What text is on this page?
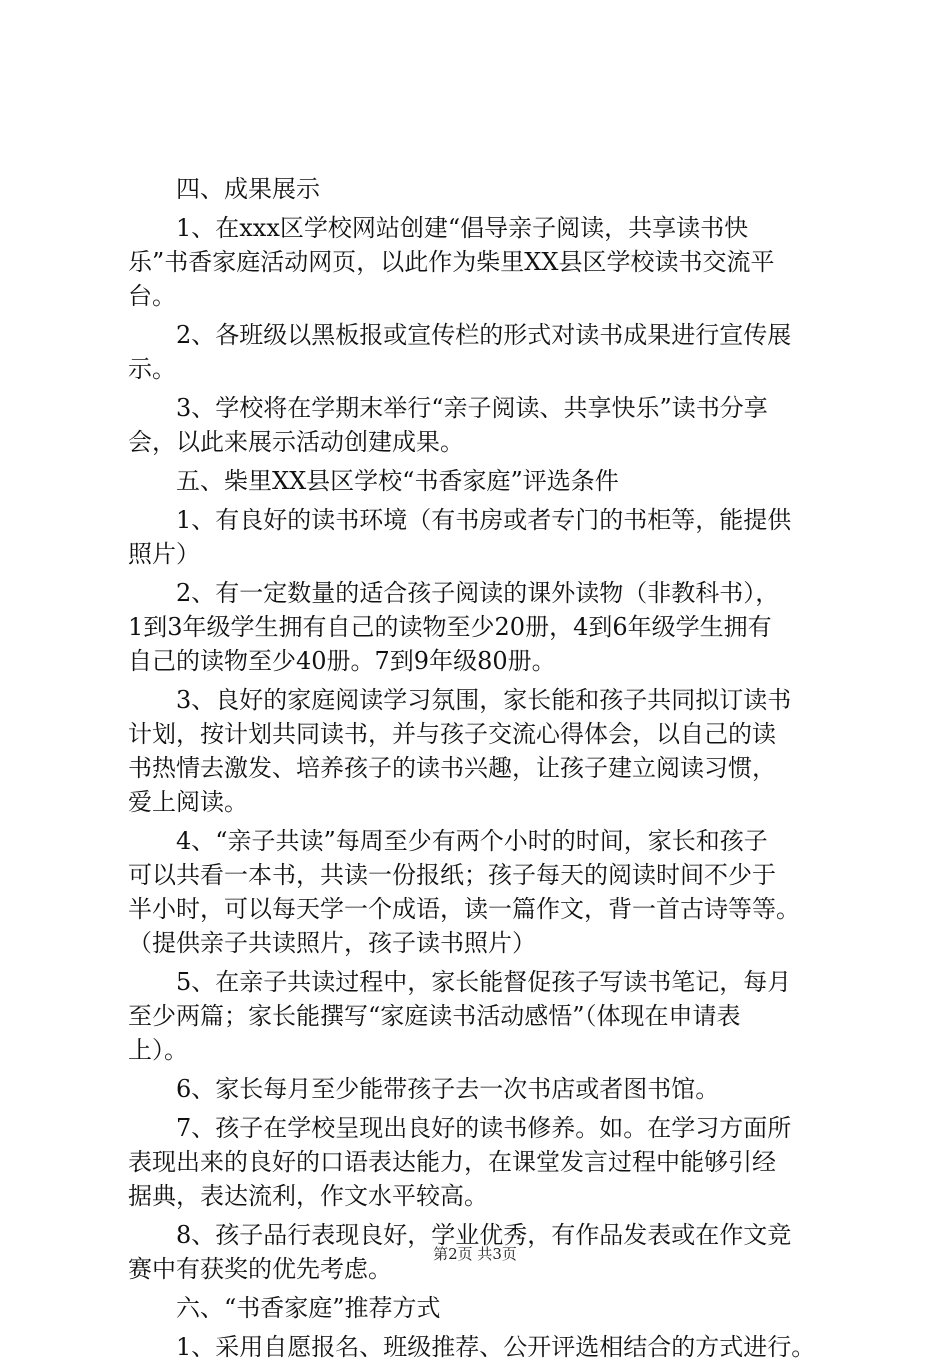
四、成果展示
1、在xxx区学校网站创建“倡导亲子阅读，共享读书快
乐”书香家庭活动网页，以此作为柴里XX县区学校读书交流平
台。
2、各班级以黑板报或宣传栏的形式对读书成果进行宣传展
示。
3、学校将在学期末举行“亲子阅读、共享快乐”读书分享
会，以此来展示活动创建成果。
五、柴里XX县区学校“书香家庭”评选条件
1、有良好的读书环境（有书房或者专门的书柜等，能提供
照片）
2、有一定数量的适合孩子阅读的课外读物（非教科书），
1到3年级学生拥有自己的读物至少20册，4到6年级学生拥有
自己的读物至少40册。7到9年级80册。
3、良好的家庭阅读学习氛围，家长能和孩子共同拟订读书
计划，按计划共同读书，并与孩子交流心得体会，以自己的读
书热情去激发、培养孩子的读书兴趣，让孩子建立阅读习惯，
爱上阅读。
4、“亲子共读”每周至少有两个小时的时间，家长和孩子
可以共看一本书，共读一份报纸；孩子每天的阅读时间不少于
半小时，可以每天学一个成语，读一篇作文，背一首古诗等等。
（提供亲子共读照片，孩子读书照片）
5、在亲子共读过程中，家长能督促孩子写读书笔记，每月
至少两篇；家长能撰写“家庭读书活动感悟”（体现在申请表
上）。
6、家长每月至少能带孩子去一次书店或者图书馆。
7、孩子在学校呈现出良好的读书修养。如。在学习方面所
表现出来的良好的口语表达能力，在课堂发言过程中能够引经
据典，表达流利，作文水平较高。
8、孩子品行表现良好，学业优秀，有作品发表或在作文竞
赛中有获奖的优先考虑。
六、“书香家庭”推荐方式
1、采用自愿报名、班级推荐、公开评选相结合的方式进行。
第2页 共3页
